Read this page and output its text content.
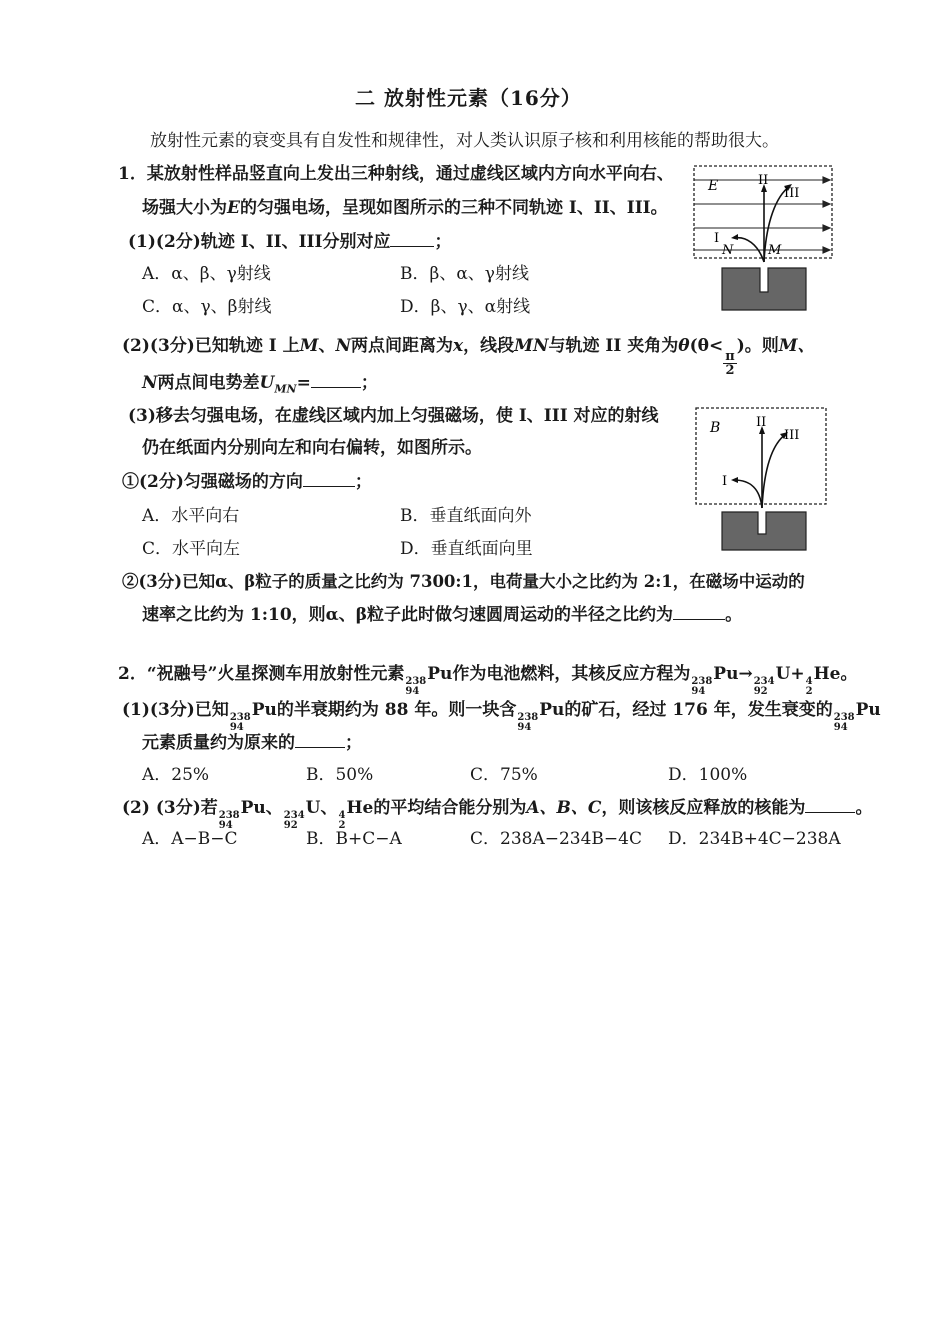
二 放射性元素（16分）
放射性元素的衰变具有自发性和规律性，对人类认识原子核和利用核能的帮助很大。
1．某放射性样品竖直向上发出三种射线，通过虚线区域内方向水平向右、
场强大小为E的匀强电场，呈现如图所示的三种不同轨迹 I、II、III。
(1)(2分)轨迹 I、II、III分别对应	；
A．α、β、γ射线	B．β、α、γ射线
C．α、γ、β射线	D．β、γ、α射线
(2)(3分)已知轨迹 I 上M、N两点间距离为x，线段MN与轨迹 II 夹角为θ(θ<
$\frac{\pi}{2}$
)。则M、
N两点间电势差$U_{MN}=$	；
(3)移去匀强电场，在虚线区域内加上匀强磁场，使 I、III 对应的射线
仍在纸面内分别向左和向右偏转，如图所示。
①(2分)匀强磁场的方向	；
A．水平向右	B．垂直纸面向外
C．水平向左	D．垂直纸面向里
②(3分)已知α、β粒子的质量之比约为 7300:1，电荷量大小之比约为 2:1，在磁场中运动的
速率之比约为 1:10，则α、β粒子此时做匀速圆周运动的半径之比约为	。
E	II
III
I
N	M
B	II
III
I
2．“祝融号”火星探测车用放射性元素 238
94
Pu作为电池燃料，其核反应方程为 238
94
Pu→ 234
92
U+ 4
2
He。
(1)(3分)已知 238
94
Pu的半衰期约为 88 年。则一块含 238
94
Pu的矿石，经过 176 年，发生衰变的 238
94
Pu
元素质量约为原来的	；
A．25%	B．50%	C．75%	D．100%
(2) (3分)若 238
94
Pu、 234
92
U、 4
2
He的平均结合能分别为A、B、C，则该核反应释放的核能为	。
A．A−B−C	B．B+C−A	C．238A−234B−4C D．234B+4C−238A
